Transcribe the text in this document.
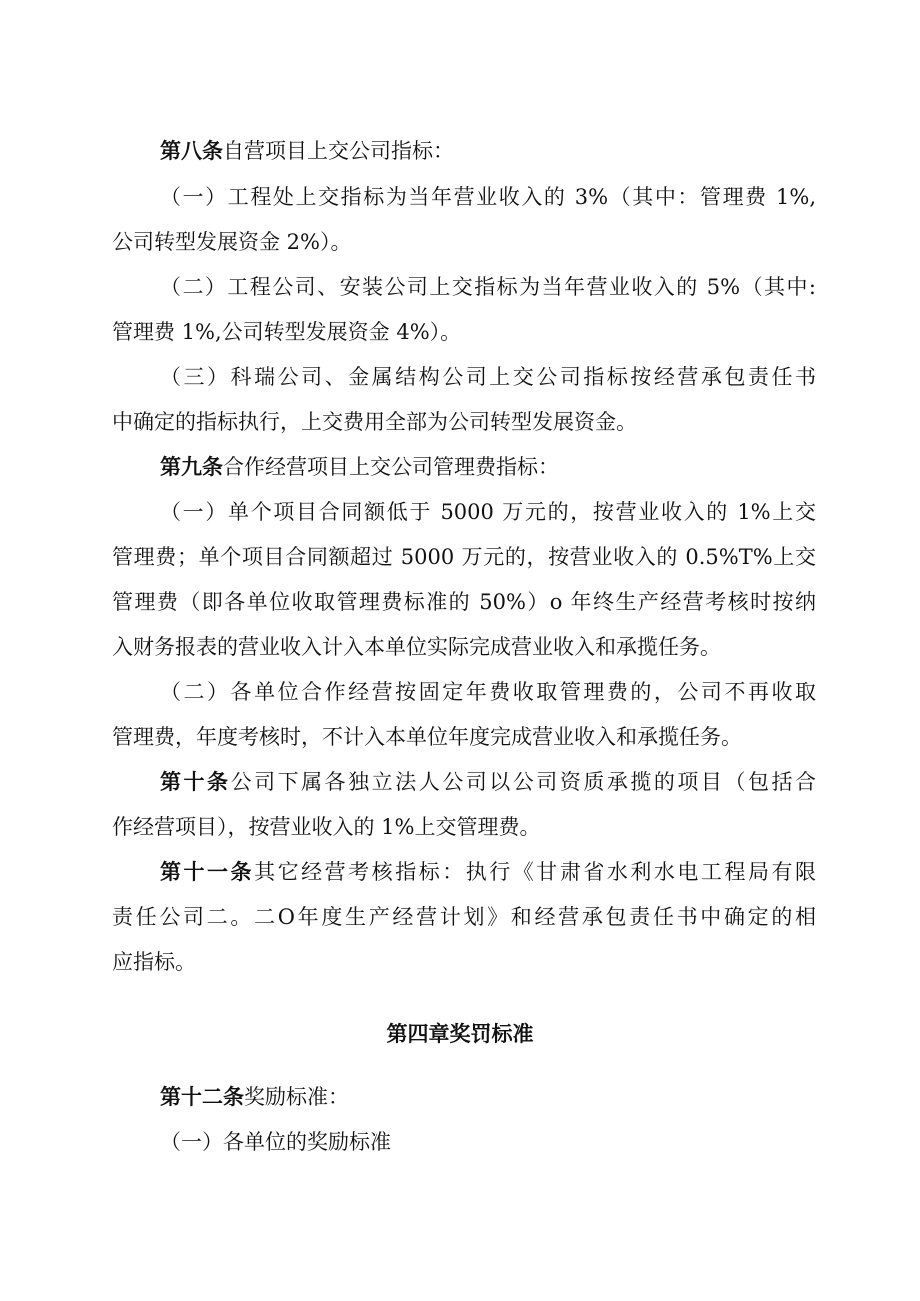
第八条自营项目上交公司指标：
（一）工程处上交指标为当年营业收入的 3%（其中：管理费 1%,
公司转型发展资金 2%）。
（二）工程公司、安装公司上交指标为当年营业收入的 5%（其中:
管理费 1%,公司转型发展资金 4%）。
（三）科瑞公司、金属结构公司上交公司指标按经营承包责任书
中确定的指标执行，上交费用全部为公司转型发展资金。
第九条合作经营项目上交公司管理费指标：
（一）单个项目合同额低于 5000 万元的，按营业收入的 1%上交
管理费；单个项目合同额超过 5000 万元的，按营业收入的 0.5%T%上交
管理费（即各单位收取管理费标准的 50%）o 年终生产经营考核时按纳
入财务报表的营业收入计入本单位实际完成营业收入和承揽任务。
（二）各单位合作经营按固定年费收取管理费的，公司不再收取
管理费，年度考核时，不计入本单位年度完成营业收入和承揽任务。
第十条公司下属各独立法人公司以公司资质承揽的项目（包括合
作经营项目），按营业收入的 1%上交管理费。
第十一条其它经营考核指标：执行《甘肃省水利水电工程局有限
责任公司二。二O年度生产经营计划》和经营承包责任书中确定的相
应指标。
第四章奖罚标准
第十二条奖励标准：
（一）各单位的奖励标准
